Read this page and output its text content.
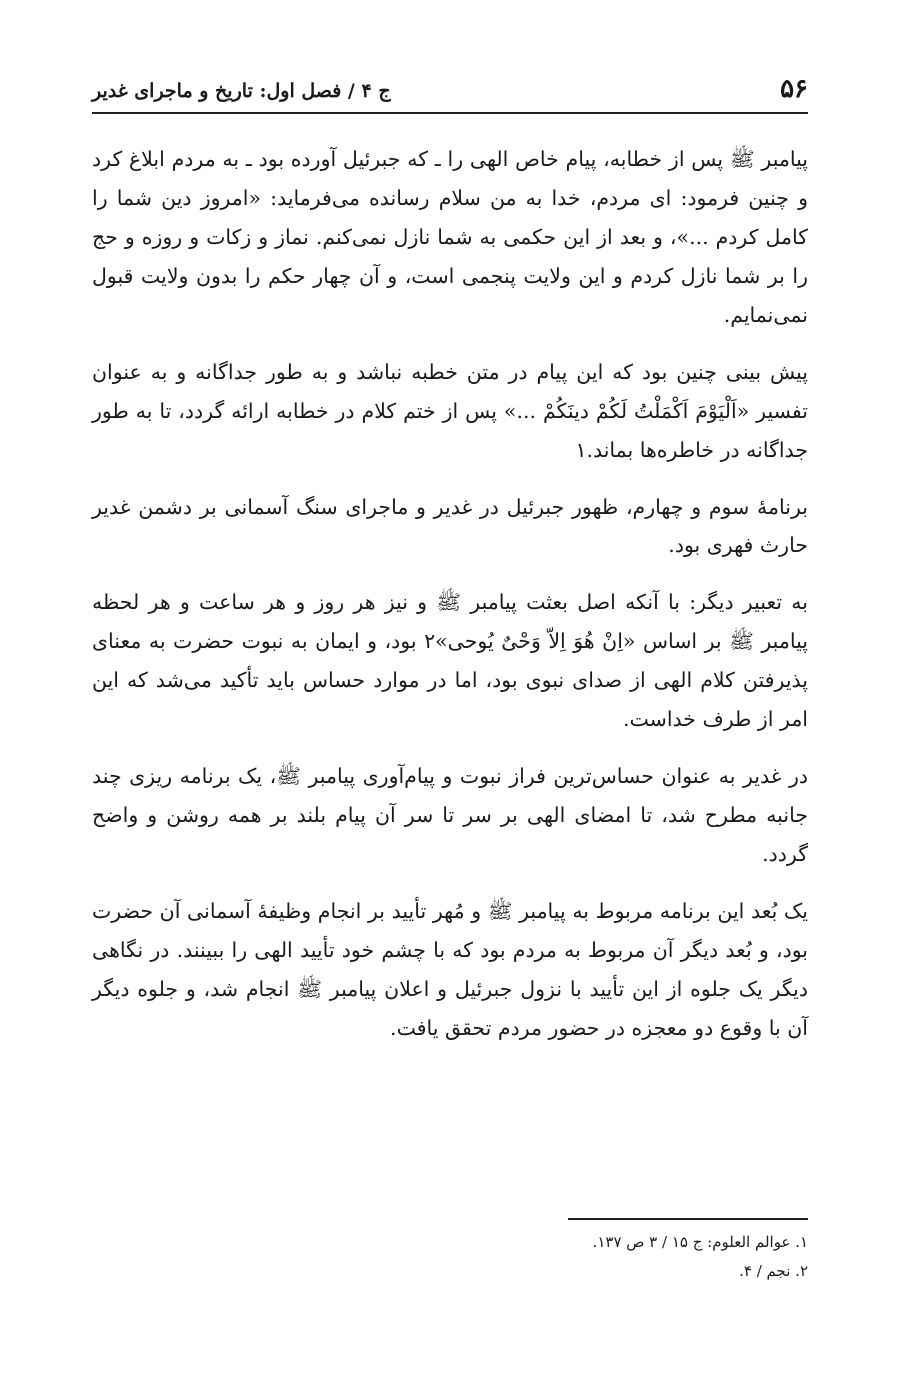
۵۶
ج ۴ / فصل اول: تاریخ و ماجرای غدیر

پیامبر ﷺ پس از خطابه، پیام خاص الهی را ـ که جبرئیل آورده بود ـ به مردم ابلاغ کرد و چنین فرمود: ای مردم، خدا به من سلام رسانده می‌فرماید: «امروز دین شما را کامل کردم ...»، و بعد از این حکمی به شما نازل نمی‌کنم. نماز و زکات و روزه و حج را بر شما نازل کردم و این ولایت پنجمی است، و آن چهار حکم را بدون ولایت قبول نمی‌نمایم.

پیش بینی چنین بود که این پیام در متن خطبه نباشد و به طور جداگانه و به عنوان تفسیر «اَلْیَوْمَ اَکْمَلْتُ لَکُمْ دینَکُمْ ...» پس از ختم کلام در خطابه ارائه گردد، تا به طور جداگانه در خاطره‌ها بماند.۱

برنامهٔ سوم و چهارم، ظهور جبرئیل در غدیر و ماجرای سنگ آسمانی بر دشمن غدیر حارث فهری بود.

به تعبیر دیگر: با آنکه اصل بعثت پیامبر ﷺ و نیز هر روز و هر ساعت و هر لحظه پیامبر ﷺ بر اساس «اِنْ هُوَ اِلاّ وَحْیٌ یُوحی»۲ بود، و ایمان به نبوت حضرت به معنای پذیرفتن کلام الهی از صدای نبوی بود، اما در موارد حساس باید تأکید می‌شد که این امر از طرف خداست.

در غدیر به عنوان حساس‌ترین فراز نبوت و پیام‌آوری پیامبر ﷺ، یک برنامه ریزی چند جانبه مطرح شد، تا امضای الهی بر سر تا سر آن پیام بلند بر همه روشن و واضح گردد.

یک بُعد این برنامه مربوط به پیامبر ﷺ و مُهر تأیید بر انجام وظیفهٔ آسمانی آن حضرت بود، و بُعد دیگر آن مربوط به مردم بود که با چشم خود تأیید الهی را ببینند. در نگاهی دیگر یک جلوه از این تأیید با نزول جبرئیل و اعلان پیامبر ﷺ انجام شد، و جلوه دیگر آن با وقوع دو معجزه در حضور مردم تحقق یافت.

۱. عوالم العلوم: ج ۱۵ / ۳ ص ۱۳۷.
۲. نجم / ۴.
